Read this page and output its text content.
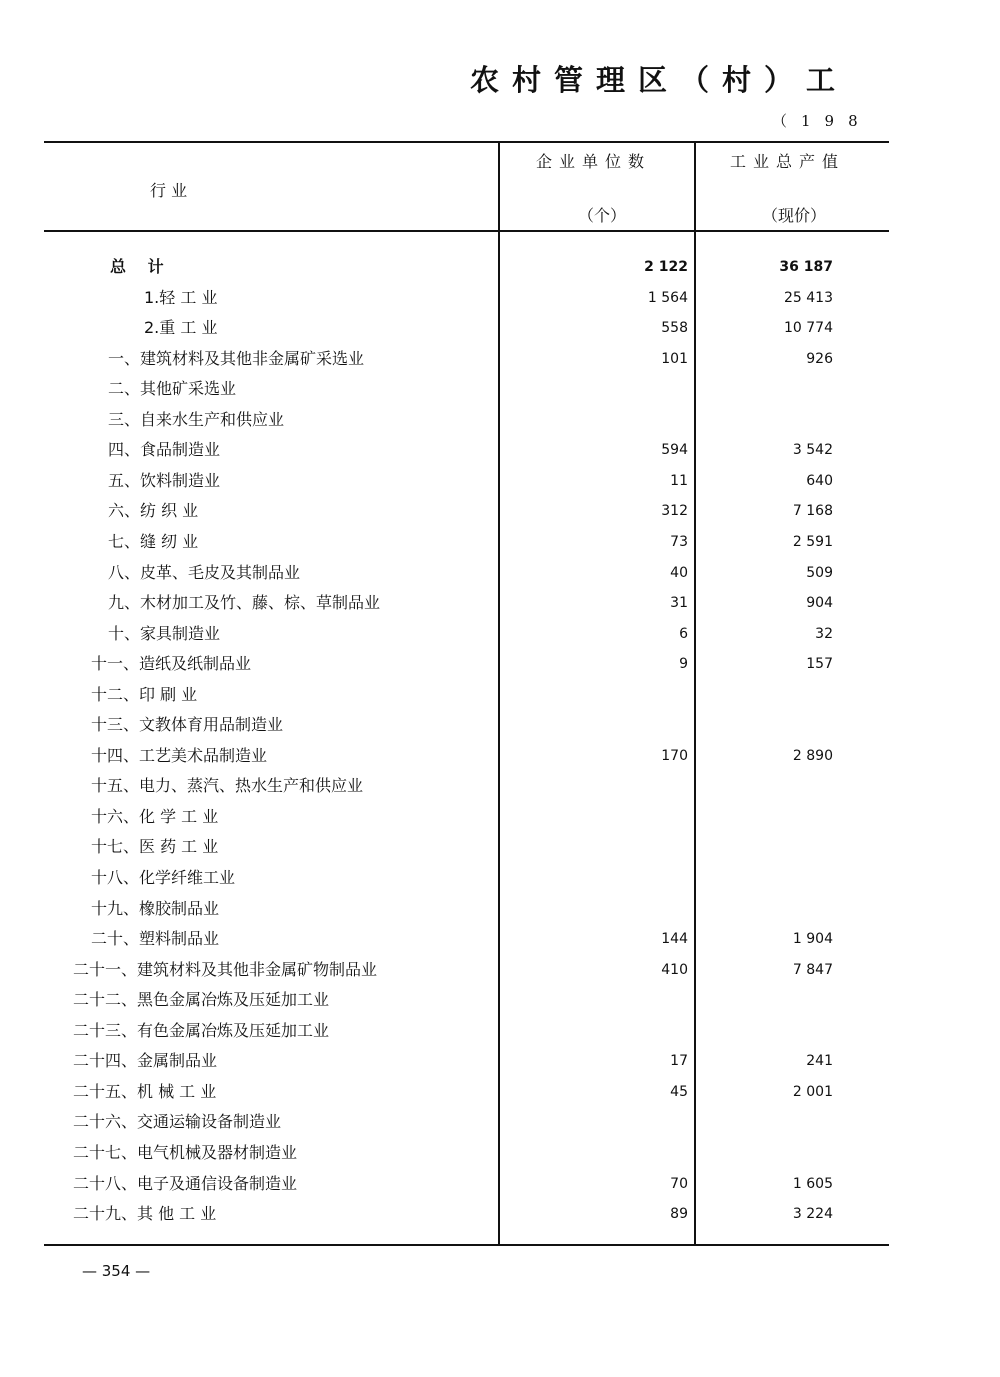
农村管理区（村）工
（198
行 业
企业单位数
（个）
工业总产值
（现价）
总 计	2 122	36 187
1.轻 工 业	1 564	25 413
2.重 工 业	558	10 774
一、建筑材料及其他非金属矿采选业	101	926
二、其他矿采选业
三、自来水生产和供应业
四、食品制造业	594	3 542
五、饮料制造业	11	640
六、纺 织 业	312	7 168
七、缝 纫 业	73	2 591
八、皮革、毛皮及其制品业	40	509
九、木材加工及竹、藤、棕、草制品业	31	904
十、家具制造业	6	32
十一、造纸及纸制品业	9	157
十二、印 刷 业
十三、文教体育用品制造业
十四、工艺美术品制造业	170	2 890
十五、电力、蒸汽、热水生产和供应业
十六、化 学 工 业
十七、医 药 工 业
十八、化学纤维工业
十九、橡胶制品业
二十、塑料制品业	144	1 904
二十一、建筑材料及其他非金属矿物制品业	410	7 847
二十二、黑色金属冶炼及压延加工业
二十三、有色金属冶炼及压延加工业
二十四、金属制品业	17	241
二十五、机 械 工 业	45	2 001
二十六、交通运输设备制造业
二十七、电气机械及器材制造业
二十八、电子及通信设备制造业	70	1 605
二十九、其 他 工 业	89	3 224
— 354 —
